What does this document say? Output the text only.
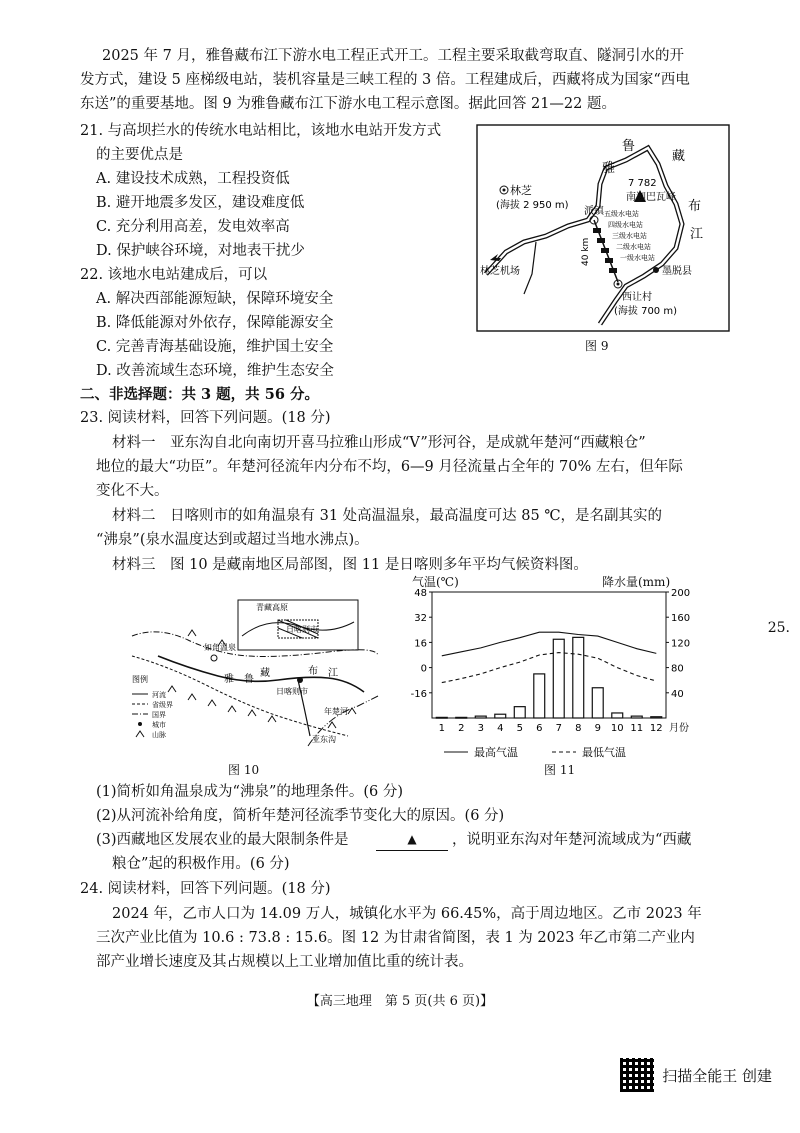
2025 年 7 月，雅鲁藏布江下游水电工程正式开工。工程主要采取截弯取直、隧洞引水的开
发方式，建设 5 座梯级电站，装机容量是三峡工程的 3 倍。工程建成后，西藏将成为国家“西电
东送”的重要基地。图 9 为雅鲁藏布江下游水电工程示意图。据此回答 21—22 题。
21. 与高坝拦水的传统水电站相比，该地水电站开发方式
的主要优点是
A. 建设技术成熟，工程投资低
B. 避开地震多发区，建设难度低
C. 充分利用高差，发电效率高
D. 保护峡谷环境，对地表干扰少
22. 该地水电站建成后，可以
A. 解决西部能源短缺，保障环境安全
B. 降低能源对外依存，保障能源安全
C. 完善青海基础设施，维护国土安全
D. 改善流域生态环境，维护生态安全
林芝
(海拔 2 950 m)
7 782
南迦巴瓦峰
派镇
林芝机场	墨脱县
西让村
(海拔 700 m)
40 km
五级水电站
四级水电站
三级水电站
二级水电站
一级水电站
雅
鲁
藏
布
江
图 9
二、非选择题：共 3 题，共 56 分。
23. 阅读材料，回答下列问题。(18 分)
材料一　亚东沟自北向南切开喜马拉雅山形成“V”形河谷，是成就年楚河“西藏粮仓”
地位的最大“功臣”。年楚河径流年内分布不均，6—9 月径流量占全年的 70% 左右，但年际
变化不大。
材料二　日喀则市的如角温泉有 31 处高温温泉，最高温度可达 85 ℃，是名副其实的
“沸泉”(泉水温度达到或超过当地水沸点)。
材料三　图 10 是藏南地区局部图，图 11 是日喀则多年平均气候资料图。
青藏高原
日喀则市
如角温泉
日喀则市
亚东沟
年楚河
雅 鲁
藏	布 江
图例
河流
省级界
国界
城市
山脉
图 10
气温(℃)	降水量(mm)
48
32
16
0
-16
200
160
120
80
40
1 2 3 4 5 6 7 8 9 10 11 12 月份
最高气温	最低气温
图 11
(1)简析如角温泉成为“沸泉”的地理条件。(6 分)
(2)从河流补给角度，简析年楚河径流季节变化大的原因。(6 分)
(3)西藏地区发展农业的最大限制条件是	▲	，说明亚东沟对年楚河流域成为“西藏
粮仓”起的积极作用。(6 分)
24. 阅读材料，回答下列问题。(18 分)
2024 年，乙市人口为 14.09 万人，城镇化水平为 66.45%，高于周边地区。乙市 2023 年
三次产业比值为 10.6 : 73.8 : 15.6。图 12 为甘肃省简图，表 1 为 2023 年乙市第二产业内
部产业增长速度及其占规模以上工业增加值比重的统计表。
【高三地理　第 5 页(共 6 页)】
25.
扫描全能王 创建
